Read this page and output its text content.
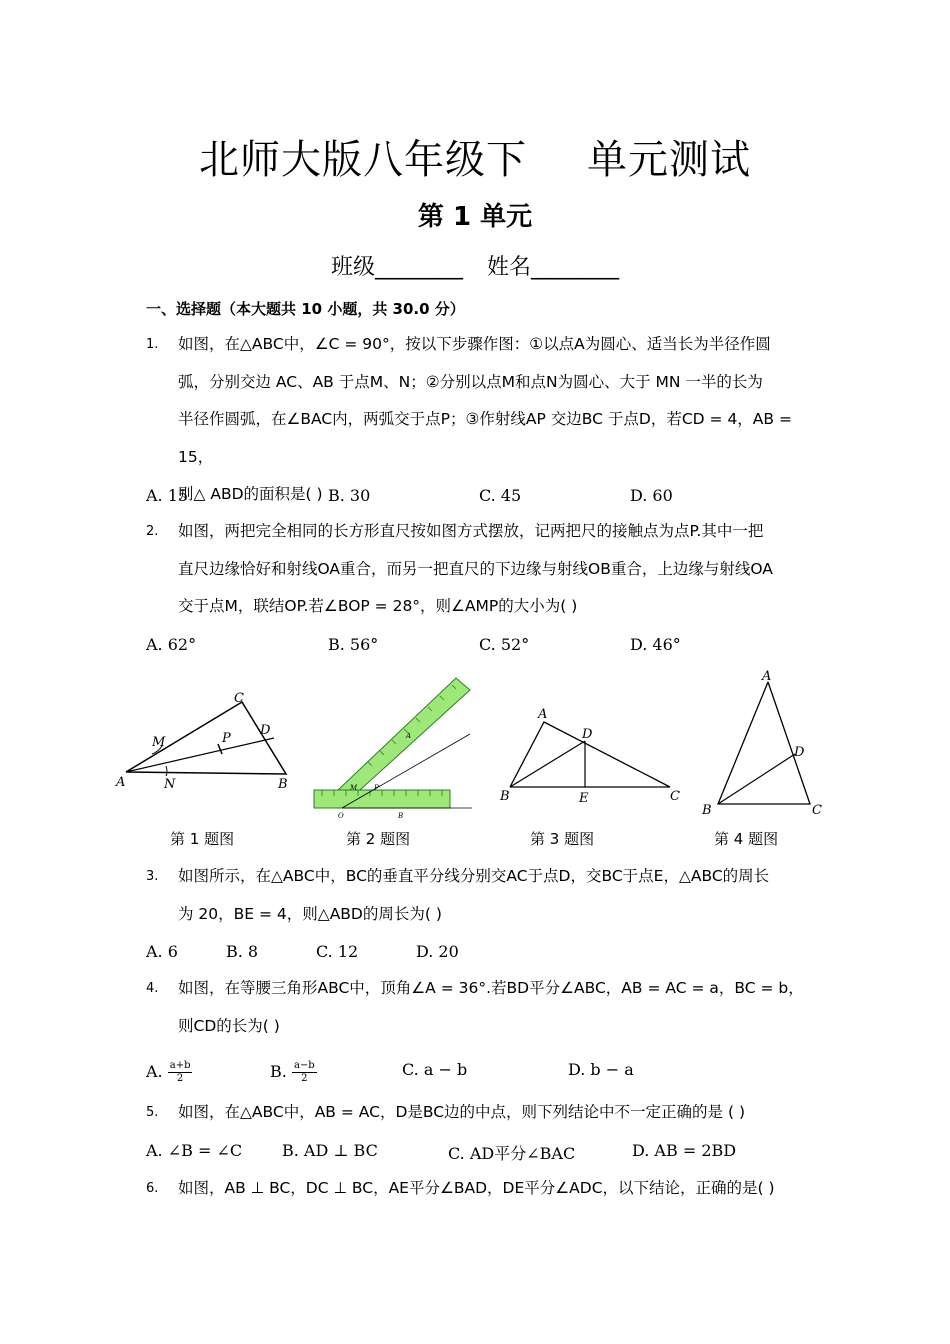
北师大版八年级下 单元测试
第 1 单元
班级________ 姓名________
一、选择题（本大题共 10 小题，共 30.0 分）
1. 如图，在△ABC中，∠C = 90°，按以下步骤作图：①以点A为圆心、适当长为半径作圆
弧，分别交边 AC、AB 于点M、N；②分别以点M和点N为圆心、大于 MN 一半的长为
半径作圆弧，在∠BAC内，两弧交于点P；③作射线AP 交边BC 于点D，若CD = 4，AB = 15，
则△ ABD的面积是( )
A. 15	B. 30	C. 45	D. 60
2. 如图，两把完全相同的长方形直尺按如图方式摆放，记两把尺的接触点为点P.其中一把
直尺边缘恰好和射线OA重合，而另一把直尺的下边缘与射线OB重合，上边缘与射线OA
交于点M，联结OP.若∠BOP = 28°，则∠AMP的大小为( )
A. 62°	B. 56°	C. 52°	D. 46°
C
M	P
D
A	N	B
A
M P
O	B
A
D
B	E	C
A
D
B	C
第 1 题图	第 2 题图	第 3 题图	第 4 题图
3. 如图所示，在△ABC中，BC的垂直平分线分别交AC于点D，交BC于点E，△ABC的周长
为 20，BE = 4，则△ABD的周长为( )
A. 6	B. 8	C. 12	D. 20
4. 如图，在等腰三角形ABC中，顶角∠A = 36°.若BD平分∠ABC，AB = AC = a，BC = b，
则CD的长为( )
A. $\frac{a+b}{2}$	B. $\frac{a-b}{2}$	C. a − b	D. b − a
5. 如图，在△ABC中，AB = AC，D是BC边的中点，则下列结论中不一定正确的是 ( )
A. ∠B = ∠C B. AD ⊥ BC	C. AD平分∠BAC	D. AB = 2BD
6. 如图，AB ⊥ BC，DC ⊥ BC，AE平分∠BAD，DE平分∠ADC，以下结论，正确的是( )
